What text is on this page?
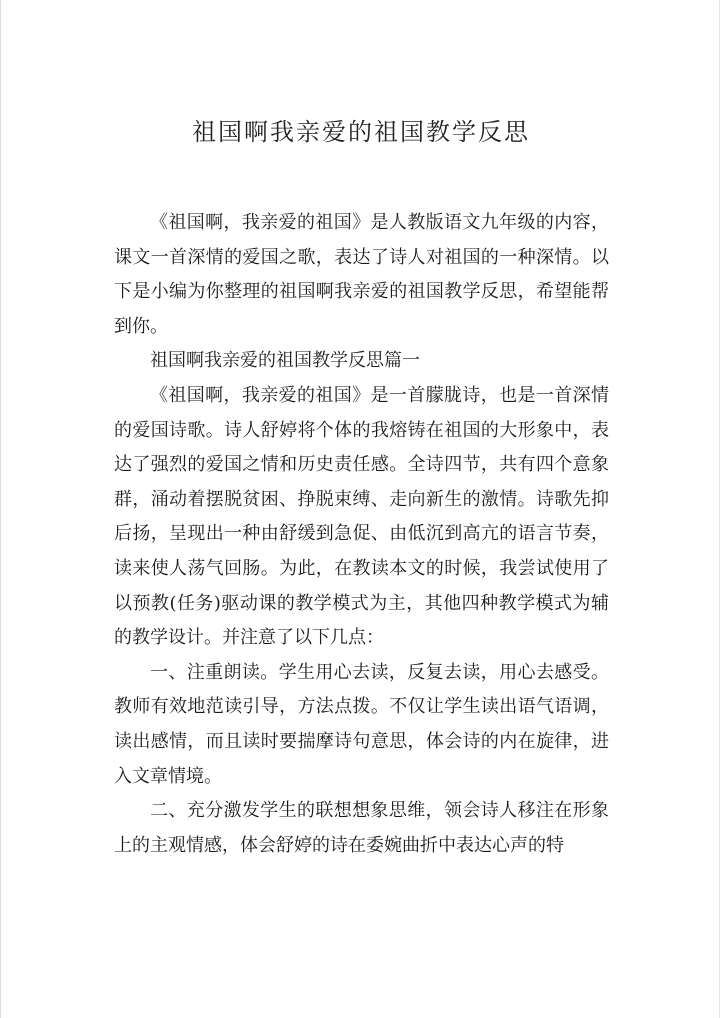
祖国啊我亲爱的祖国教学反思

《祖国啊，我亲爱的祖国》是人教版语文九年级的内容，课文一首深情的爱国之歌，表达了诗人对祖国的一种深情。以下是小编为你整理的祖国啊我亲爱的祖国教学反思，希望能帮到你。

祖国啊我亲爱的祖国教学反思篇一

《祖国啊，我亲爱的祖国》是一首朦胧诗，也是一首深情的爱国诗歌。诗人舒婷将个体的我熔铸在祖国的大形象中，表达了强烈的爱国之情和历史责任感。全诗四节，共有四个意象群，涌动着摆脱贫困、挣脱束缚、走向新生的激情。诗歌先抑后扬，呈现出一种由舒缓到急促、由低沉到高亢的语言节奏，读来使人荡气回肠。为此，在教读本文的时候，我尝试使用了以预教(任务)驱动课的教学模式为主，其他四种教学模式为辅的教学设计。并注意了以下几点：

一、注重朗读。学生用心去读，反复去读，用心去感受。教师有效地范读引导，方法点拨。不仅让学生读出语气语调，读出感情，而且读时要揣摩诗句意思，体会诗的内在旋律，进入文章情境。

二、充分激发学生的联想想象思维，领会诗人移注在形象上的主观情感，体会舒婷的诗在委婉曲折中表达心声的特
